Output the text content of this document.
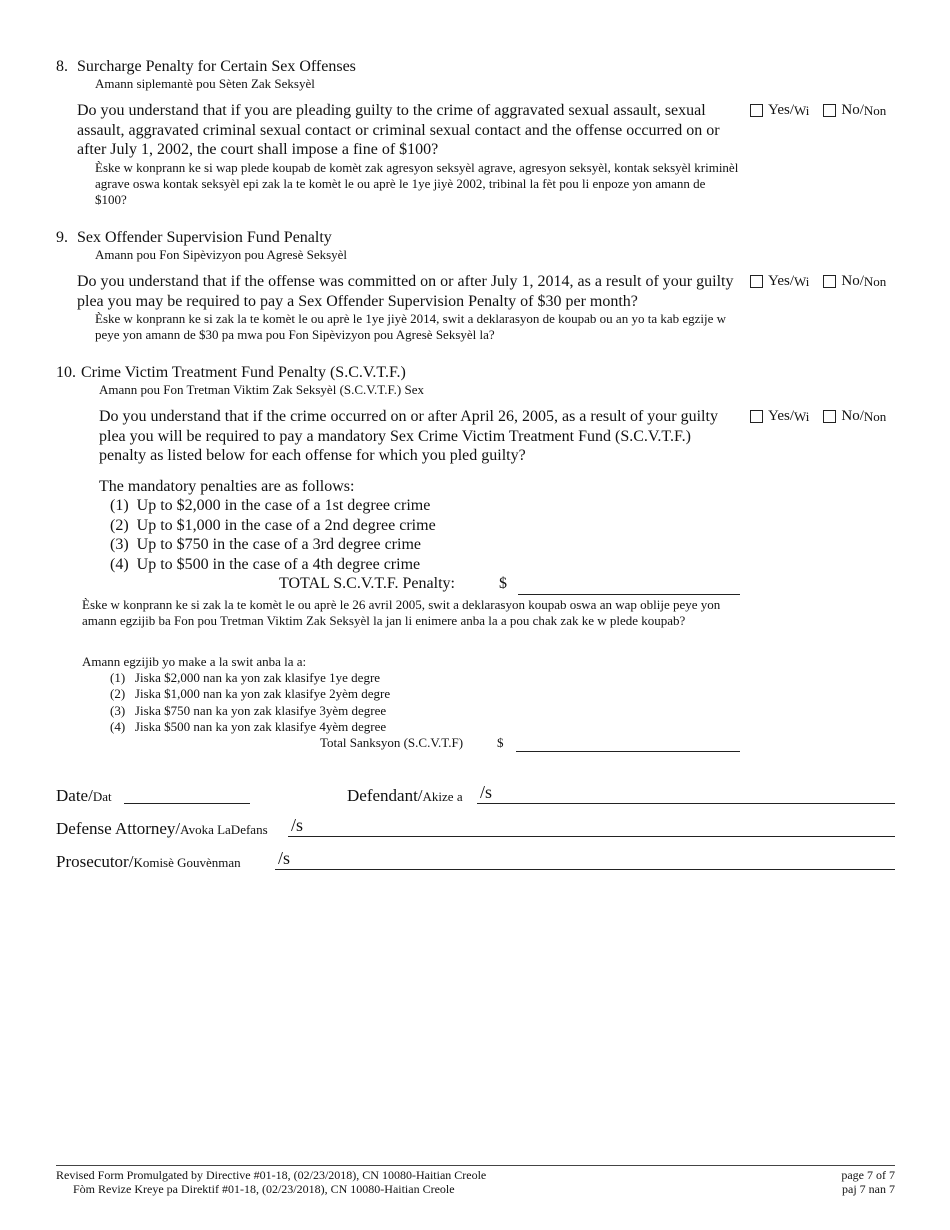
8. Surcharge Penalty for Certain Sex Offenses
Amann siplemantè pou Sèten Zak Seksyèl
Do you understand that if you are pleading guilty to the crime of aggravated sexual assault, sexual assault, aggravated criminal sexual contact or criminal sexual contact and the offense occurred on or after July 1, 2002, the court shall impose a fine of $100?
Èske w konprann ke si wap plede koupab de komèt zak agresyon seksyèl agrave, agresyon seksyèl, kontak seksyèl kriminèl agrave oswa kontak seksyèl epi zak la te komèt le ou aprè le 1ye jiyè 2002, tribinal la fèt pou li enpoze yon amann de $100?
Yes/ Wi No/ Non
9. Sex Offender Supervision Fund Penalty
Amann pou Fon Sipèvizyon pou Agresè Seksyèl
Do you understand that if the offense was committed on or after July 1, 2014, as a result of your guilty plea you may be required to pay a Sex Offender Supervision Penalty of $30 per month?
Èske w konprann ke si zak la te komèt le ou aprè le 1ye jiyè 2014, swit a deklarasyon de koupab ou an yo ta kab egzije w peye yon amann de $30 pa mwa pou Fon Sipèvizyon pou Agresè Seksyèl la?
Yes/ Wi No/ Non
10. Crime Victim Treatment Fund Penalty (S.C.V.T.F.)
Amann pou Fon Tretman Viktim Zak Seksyèl (S.C.V.T.F.) Sex
Do you understand that if the crime occurred on or after April 26, 2005, as a result of your guilty plea you will be required to pay a mandatory Sex Crime Victim Treatment Fund (S.C.V.T.F.) penalty as listed below for each offense for which you pled guilty?
Yes/ Wi No/ Non
The mandatory penalties are as follows:
(1) Up to $2,000 in the case of a 1st degree crime
(2) Up to $1,000 in the case of a 2nd degree crime
(3) Up to $750 in the case of a 3rd degree crime
(4) Up to $500 in the case of a 4th degree crime
TOTAL S.C.V.T.F. Penalty:	$
Èske w konprann ke si zak la te komèt le ou aprè le 26 avril 2005, swit a deklarasyon koupab oswa an wap oblije peye yon amann egzijib ba Fon pou Tretman Viktim Zak Seksyèl la jan li enimere anba la a pou chak zak ke w plede koupab?
Amann egzijib yo make a la swit anba la a:
(1) Jiska $2,000 nan ka yon zak klasifye 1ye degre
(2) Jiska $1,000 nan ka yon zak klasifye 2yèm degre
(3) Jiska $750 nan ka yon zak klasifye 3yèm degree
(4) Jiska $500 nan ka yon zak klasifye 4yèm degree
Total Sanksyon (S.C.V.T.F)	$
Date/Dat	Defendant/Akize a /s
Defense Attorney/Avoka LaDefans /s
Prosecutor/Komisè Gouvènman /s
Revised Form Promulgated by Directive #01-18, (02/23/2018), CN 10080-Haitian Creole
Fòm Revize Kreye pa Direktif #01-18, (02/23/2018), CN 10080-Haitian Creole
page 7 of 7
paj 7 nan 7
